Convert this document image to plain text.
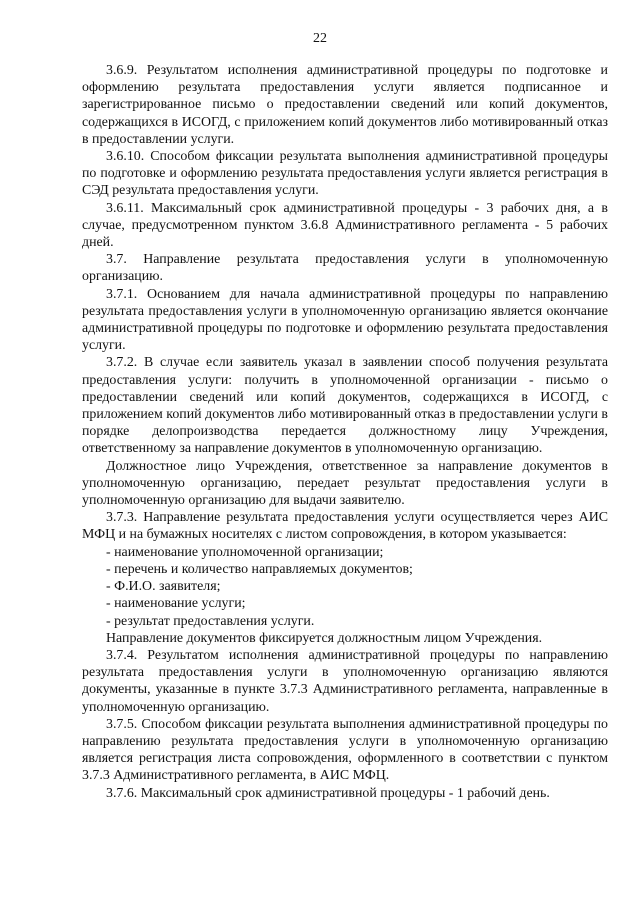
22

3.6.9. Результатом исполнения административной процедуры по подготовке и оформлению результата предоставления услуги является подписанное и зарегистрированное письмо о предоставлении сведений или копий документов, содержащихся в ИСОГД, с приложением копий документов либо мотивированный отказ в предоставлении услуги.

3.6.10. Способом фиксации результата выполнения административной процедуры по подготовке и оформлению результата предоставления услуги является регистрация в СЭД результата предоставления услуги.

3.6.11. Максимальный срок административной процедуры - 3 рабочих дня, а в случае, предусмотренном пунктом 3.6.8 Административного регламента - 5 рабочих дней.

3.7. Направление результата предоставления услуги в уполномоченную организацию.

3.7.1. Основанием для начала административной процедуры по направлению результата предоставления услуги в уполномоченную организацию является окончание административной процедуры по подготовке и оформлению результата предоставления услуги.

3.7.2. В случае если заявитель указал в заявлении способ получения результата предоставления услуги: получить в уполномоченной организации - письмо о предоставлении сведений или копий документов, содержащихся в ИСОГД, с приложением копий документов либо мотивированный отказ в предоставлении услуги в порядке делопроизводства передается должностному лицу Учреждения, ответственному за направление документов в уполномоченную организацию.

Должностное лицо Учреждения, ответственное за направление документов в уполномоченную организацию, передает результат предоставления услуги в уполномоченную организацию для выдачи заявителю.

3.7.3. Направление результата предоставления услуги осуществляется через АИС МФЦ и на бумажных носителях с листом сопровождения, в котором указывается:

- наименование уполномоченной организации;

- перечень и количество направляемых документов;

- Ф.И.О. заявителя;

- наименование услуги;

- результат предоставления услуги.

Направление документов фиксируется должностным лицом Учреждения.

3.7.4. Результатом исполнения административной процедуры по направлению результата предоставления услуги в уполномоченную организацию являются документы, указанные в пункте 3.7.3 Административного регламента, направленные в уполномоченную организацию.

3.7.5. Способом фиксации результата выполнения административной процедуры по направлению результата предоставления услуги в уполномоченную организацию является регистрация листа сопровождения, оформленного в соответствии с пунктом 3.7.3 Административного регламента, в АИС МФЦ.

3.7.6. Максимальный срок административной процедуры - 1 рабочий день.
